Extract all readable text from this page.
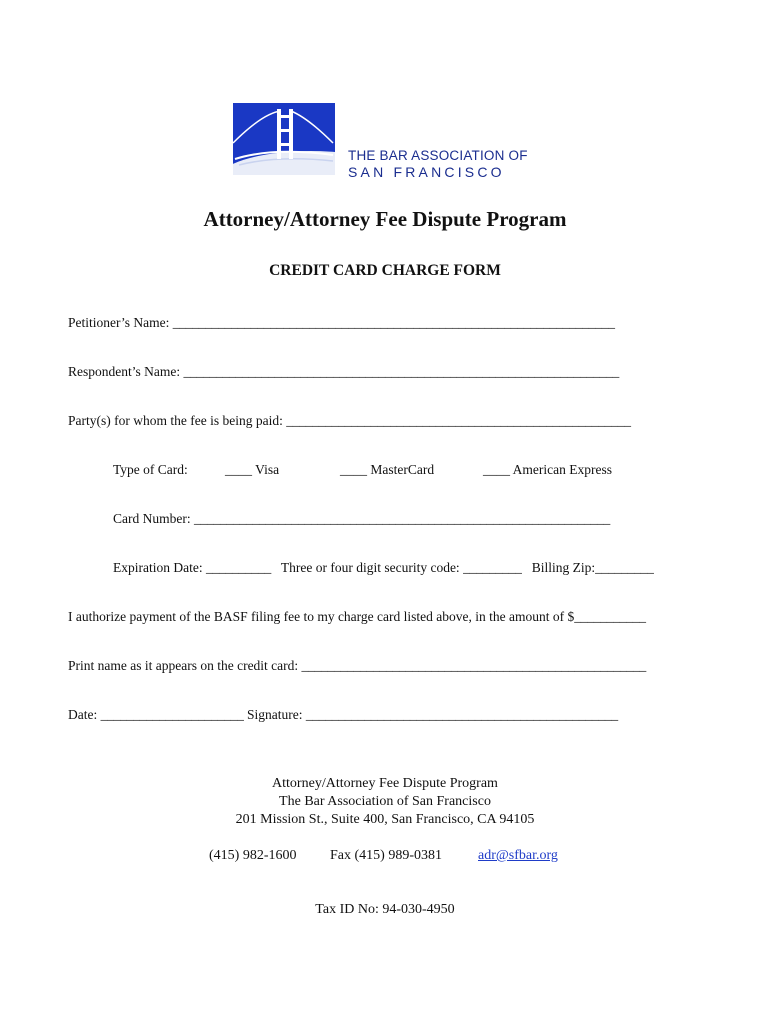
THE BAR ASSOCIATION OF
SAN FRANCISCO
Attorney/Attorney Fee Dispute Program
CREDIT CARD CHARGE FORM
Petitioner’s Name: ____________________________________________________________________
Respondent’s Name: ___________________________________________________________________
Party(s) for whom the fee is being paid: _____________________________________________________
Type of Card:	____ Visa	____ MasterCard	____ American Express
Card Number: ________________________________________________________________
Expiration Date: __________ Three or four digit security code: _________ Billing Zip:_________
I authorize payment of the BASF filing fee to my charge card listed above, in the amount of $___________
Print name as it appears on the credit card: _____________________________________________________
Date: ______________________ Signature: ________________________________________________
Attorney/Attorney Fee Dispute Program
The Bar Association of San Francisco
201 Mission St., Suite 400, San Francisco, CA 94105
(415) 982-1600 Fax (415) 989-0381	adr@sfbar.org
Tax ID No: 94-030-4950
